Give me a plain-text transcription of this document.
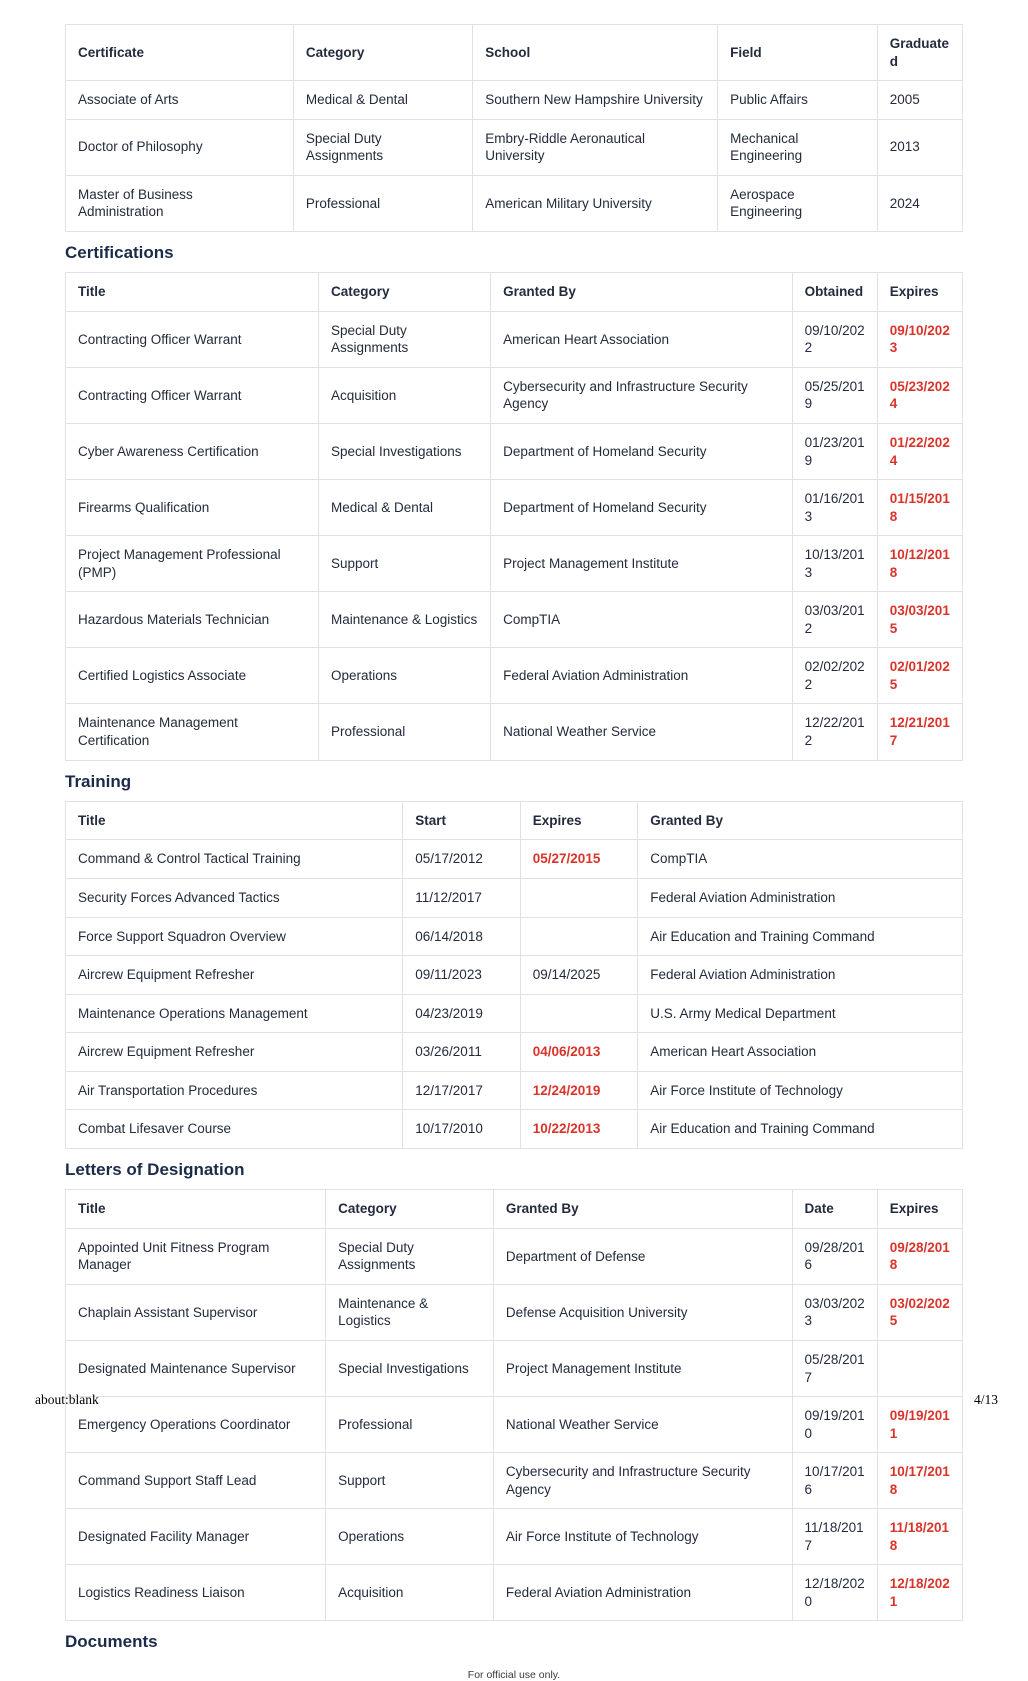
Certificate	Category	School	Field	Graduated
Associate of Arts	Medical & Dental	Southern New Hampshire University	Public Affairs	2005
Doctor of Philosophy	Special Duty Assignments	Embry-Riddle Aeronautical University	Mechanical Engineering	2013
Master of Business Administration	Professional	American Military University	Aerospace Engineering	2024
Certifications
Title	Category	Granted By	Obtained	Expires
Contracting Officer Warrant	Special Duty Assignments	American Heart Association	09/10/2022	09/10/2023
Contracting Officer Warrant	Acquisition	Cybersecurity and Infrastructure Security Agency	05/25/2019	05/23/2024
Cyber Awareness Certification	Special Investigations	Department of Homeland Security	01/23/2019	01/22/2024
Firearms Qualification	Medical & Dental	Department of Homeland Security	01/16/2013	01/15/2018
Project Management Professional (PMP)	Support	Project Management Institute	10/13/2013	10/12/2018
Hazardous Materials Technician	Maintenance & Logistics	CompTIA	03/03/2012	03/03/2015
Certified Logistics Associate	Operations	Federal Aviation Administration	02/02/2022	02/01/2025
Maintenance Management Certification	Professional	National Weather Service	12/22/2012	12/21/2017
Training
Title	Start	Expires	Granted By
Command & Control Tactical Training	05/17/2012	05/27/2015	CompTIA
Security Forces Advanced Tactics	11/12/2017		Federal Aviation Administration
Force Support Squadron Overview	06/14/2018		Air Education and Training Command
Aircrew Equipment Refresher	09/11/2023	09/14/2025	Federal Aviation Administration
Maintenance Operations Management	04/23/2019		U.S. Army Medical Department
Aircrew Equipment Refresher	03/26/2011	04/06/2013	American Heart Association
Air Transportation Procedures	12/17/2017	12/24/2019	Air Force Institute of Technology
Combat Lifesaver Course	10/17/2010	10/22/2013	Air Education and Training Command
Letters of Designation
Title	Category	Granted By	Date	Expires
Appointed Unit Fitness Program Manager	Special Duty Assignments	Department of Defense	09/28/2016	09/28/2018
Chaplain Assistant Supervisor	Maintenance & Logistics	Defense Acquisition University	03/03/2023	03/02/2025
Designated Maintenance Supervisor	Special Investigations	Project Management Institute	05/28/2017	
Emergency Operations Coordinator	Professional	National Weather Service	09/19/2010	09/19/2011
Command Support Staff Lead	Support	Cybersecurity and Infrastructure Security Agency	10/17/2016	10/17/2018
Designated Facility Manager	Operations	Air Force Institute of Technology	11/18/2017	11/18/2018
Logistics Readiness Liaison	Acquisition	Federal Aviation Administration	12/18/2020	12/18/2021
Documents
For official use only.
about:blank	4/13
